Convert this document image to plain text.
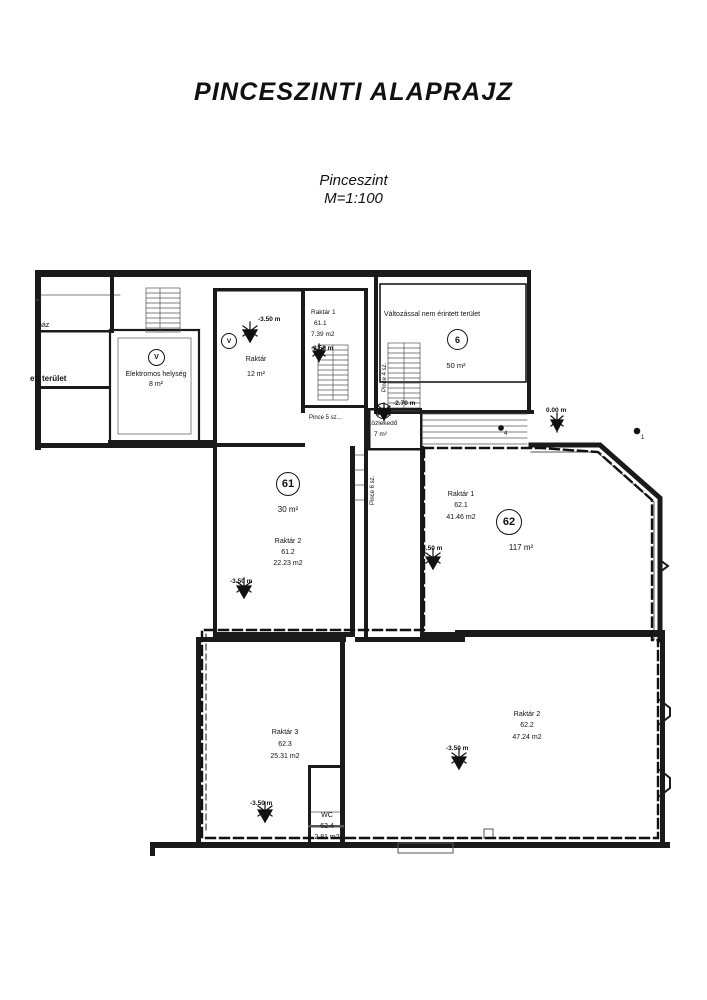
PINCESZINTI ALAPRAJZ
Pinceszint
M=1:100
)
ház
ett terület
V
Elektromos helység
8 m²
V
Raktár
12 m²
-3.50 m
Raktár 1
61.1
7.39 m2
-3.50 m
Változással nem érintett terület
6
50 m²
Pince 4 sz.
Pince 6 sz.
Pince 5 sz...
-2.70 m
III
Közlekedő
7 m²
0.00 m
1
4
61
30 m²
Raktár 2
61.2
22.23 m2
-3.50 m
Raktár 1
62.1
41.46 m2
-3.50 m
62
117 m²
Raktár 3
62.3
25.31 m2
-3.50 m
WC
62.4
2.81 m2
Raktár 2
62.2
47.24 m2
-3.50 m
